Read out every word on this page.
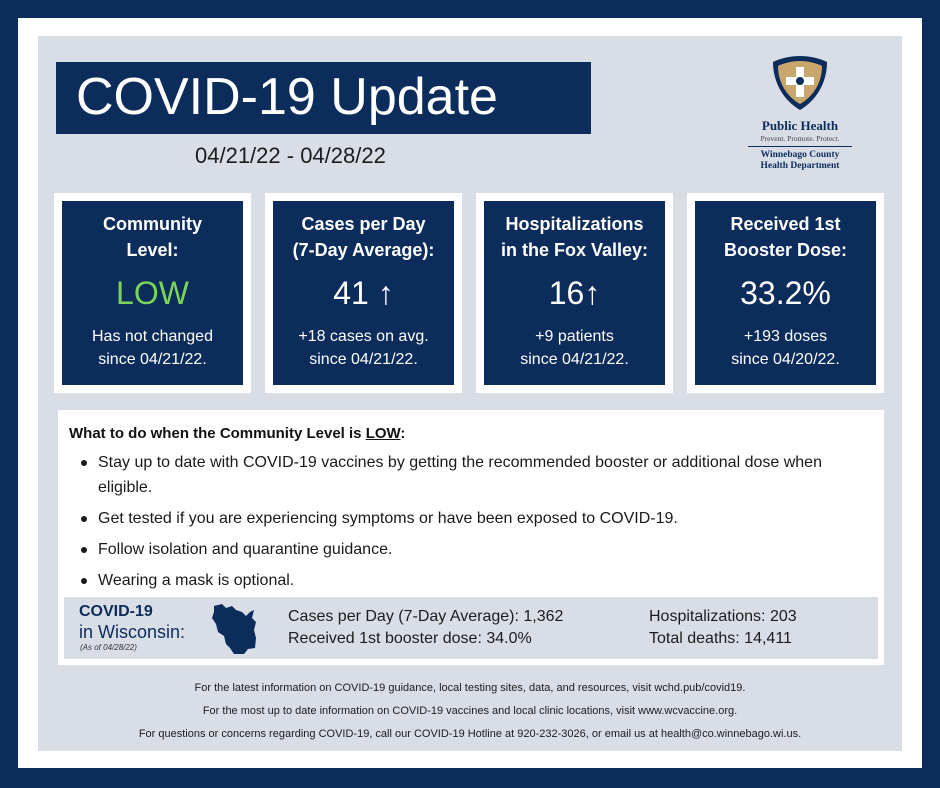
COVID-19 Update
04/21/22 - 04/28/22
Public Health
Prevent. Promote. Protect.
Winnebago County
Health Department
Community
Level:
LOW
Has not changed
since 04/21/22.
Cases per Day
(7-Day Average):
41 ↑
+18 cases on avg.
since 04/21/22.
Hospitalizations
in the Fox Valley:
16↑
+9 patients
since 04/21/22.
Received 1st
Booster Dose:
33.2%
+193 doses
since 04/20/22.
What to do when the Community Level is LOW:
Stay up to date with COVID-19 vaccines by getting the recommended booster or additional dose when eligible.
Get tested if you are experiencing symptoms or have been exposed to COVID-19.
Follow isolation and quarantine guidance.
Wearing a mask is optional.
COVID-19
in Wisconsin:
(As of 04/28/22)
Cases per Day (7-Day Average): 1,362
Received 1st booster dose: 34.0%
Hospitalizations: 203
Total deaths: 14,411

For the latest information on COVID-19 guidance, local testing sites, data, and resources, visit wchd.pub/covid19.

For the most up to date information on COVID-19 vaccines and local clinic locations, visit www.wcvaccine.org.

For questions or concerns regarding COVID-19, call our COVID-19 Hotline at 920-232-3026, or email us at health@co.winnebago.wi.us.
